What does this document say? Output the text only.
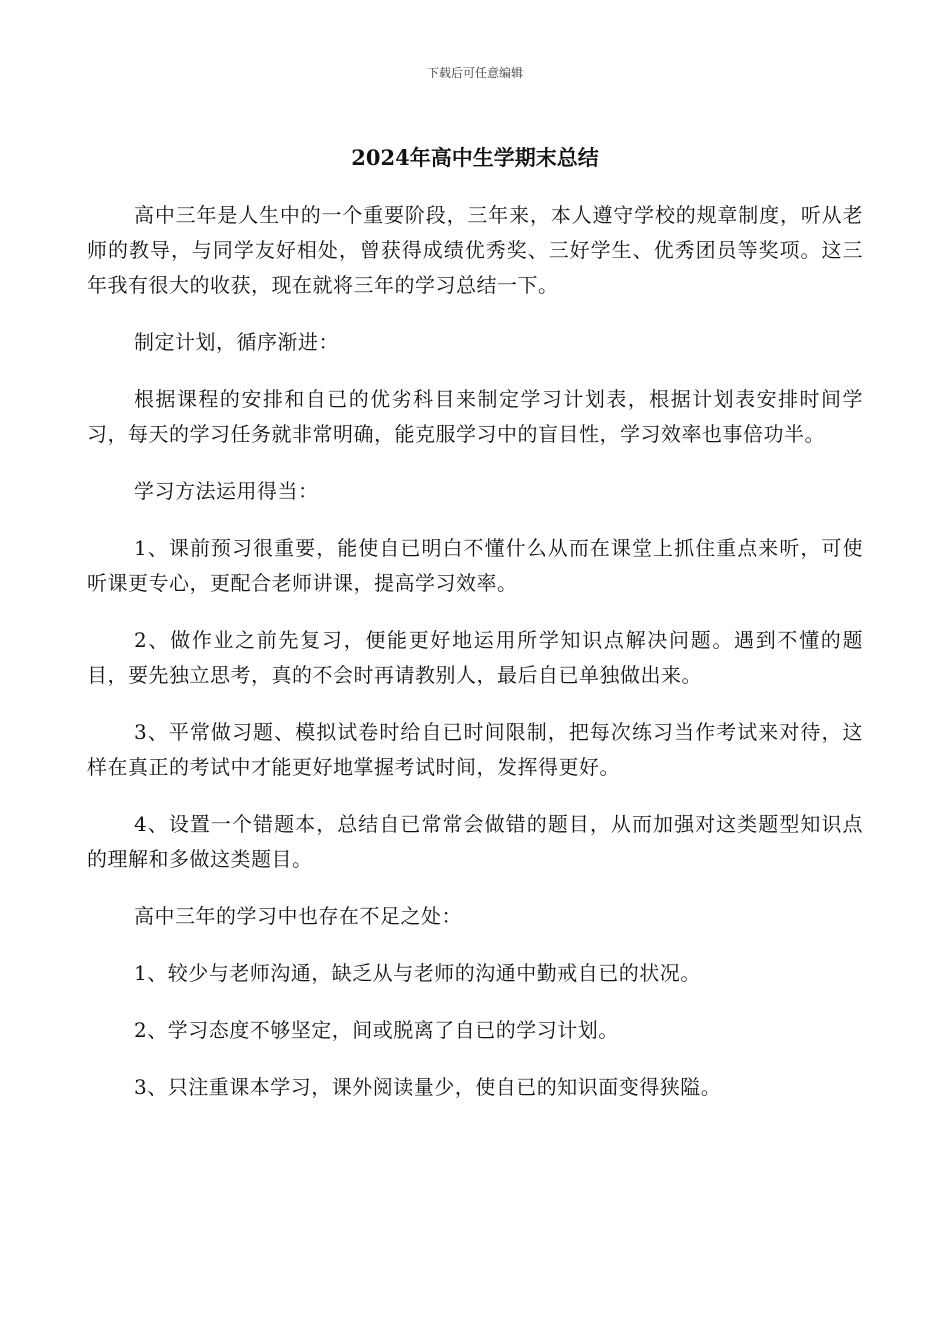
下载后可任意编辑
2024年高中生学期末总结

高中三年是人生中的一个重要阶段，三年来，本人遵守学校的规章制度，听从老师的教导，与同学友好相处，曾获得成绩优秀奖、三好学生、优秀团员等奖项。这三年我有很大的收获，现在就将三年的学习总结一下。

制定计划，循序渐进：

根据课程的安排和自已的优劣科目来制定学习计划表，根据计划表安排时间学习，每天的学习任务就非常明确，能克服学习中的盲目性，学习效率也事倍功半。

学习方法运用得当：

1、课前预习很重要，能使自已明白不懂什么从而在课堂上抓住重点来听，可使听课更专心，更配合老师讲课，提高学习效率。

2、做作业之前先复习，便能更好地运用所学知识点解决问题。遇到不懂的题目，要先独立思考，真的不会时再请教别人，最后自已单独做出来。

3、平常做习题、模拟试卷时给自已时间限制，把每次练习当作考试来对待，这样在真正的考试中才能更好地掌握考试时间，发挥得更好。

4、设置一个错题本，总结自已常常会做错的题目，从而加强对这类题型知识点的理解和多做这类题目。

高中三年的学习中也存在不足之处：

1、较少与老师沟通，缺乏从与老师的沟通中勤戒自已的状况。

2、学习态度不够坚定，间或脱离了自已的学习计划。

3、只注重课本学习，课外阅读量少，使自已的知识面变得狭隘。
